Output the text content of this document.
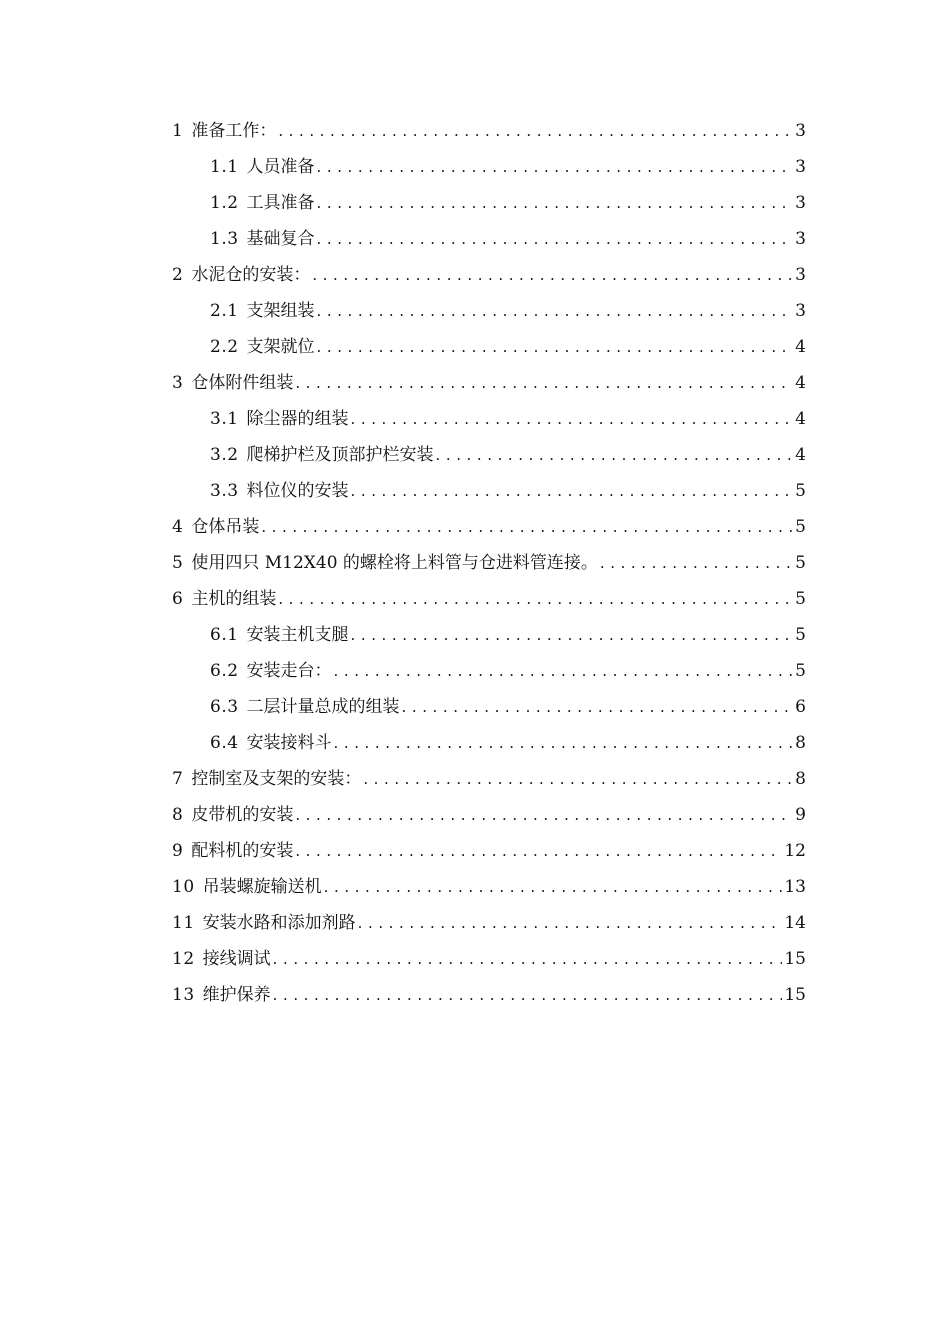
1 准备工作： . . .	3
1.1 人员准备 . . .	3
1.2 工具准备 . . .	3
1.3 基础复合 . . .	3
2 水泥仓的安装： . . .	3
2.1 支架组装 . . .	3
2.2 支架就位 . . .	4
3 仓体附件组装 . . .	4
3.1 除尘器的组装 . . .	4
3.2 爬梯护栏及顶部护栏安装 . . .	4
3.3 料位仪的安装 . . .	5
4 仓体吊装 . . .	5
5 使用四只 M12X40 的螺栓将上料管与仓进料管连接。 . . .	5
6 主机的组装 . . .	5
6.1 安装主机支腿 . . .	5
6.2 安装走台： . . .	5
6.3 二层计量总成的组装 . . .	6
6.4 安装接料斗 . . .	8
7 控制室及支架的安装： . . .	8
8 皮带机的安装 . . .	9
9 配料机的安装 . . .	12
10 吊装螺旋输送机 . . .	13
11 安装水路和添加剂路 . . .	14
12 接线调试 . . .	15
13 维护保养 . . .	15
